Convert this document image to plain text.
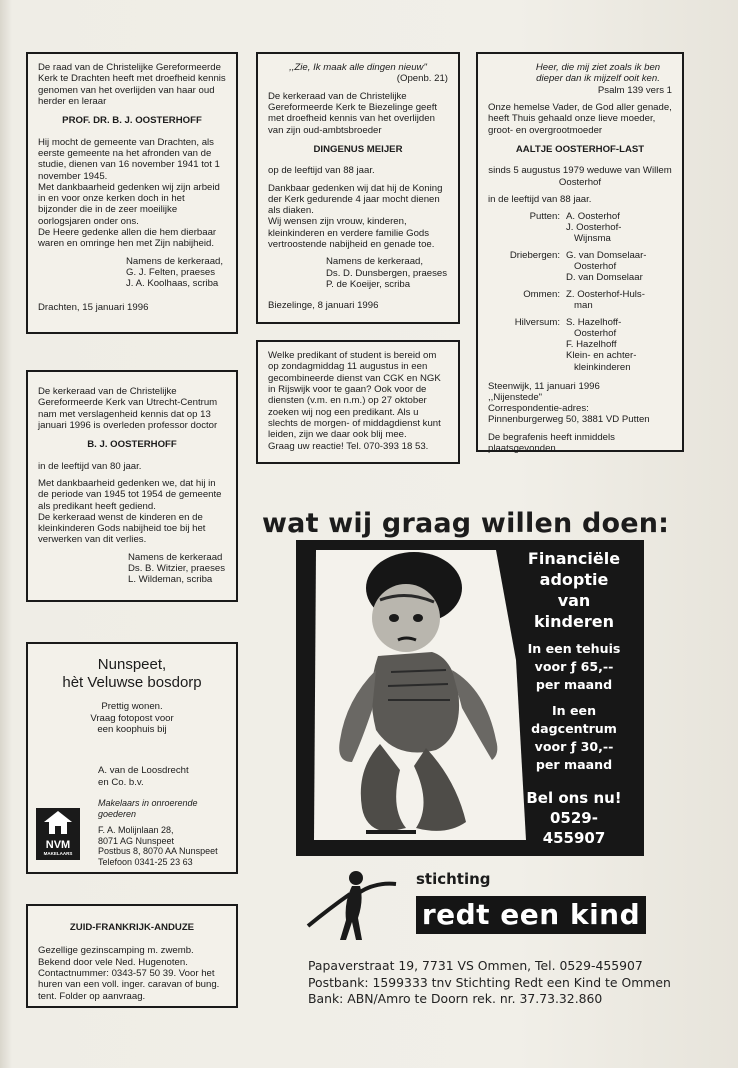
De raad van de Christelijke Gereformeerde Kerk te Drachten heeft met droefheid kennis genomen van het overlijden van haar oud herder en leraar

PROF. DR. B. J. OOSTERHOFF

Hij mocht de gemeente van Drachten, als eerste gemeente na het afronden van de studie, dienen van 16 november 1941 tot 1 november 1945.
Met dankbaarheid gedenken wij zijn arbeid in en voor onze kerken doch in het bijzonder die in de zeer moeilijke oorlogsjaren onder ons.

De Heere gedenke allen die hem dierbaar waren en omringe hen met Zijn nabijheid.

Namens de kerkeraad,
G. J. Felten, praeses
J. A. Koolhaas, scriba

Drachten, 15 januari 1996

,,Zie, Ik maak alle dingen nieuw"

(Openb. 21)

De kerkeraad van de Christelijke Gereformeerde Kerk te Biezelinge geeft met droefheid kennis van het overlijden van zijn oud-ambtsbroeder

DINGENUS MEIJER

op de leeftijd van 88 jaar.

Dankbaar gedenken wij dat hij de Koning der Kerk gedurende 4 jaar mocht dienen als diaken.

Wij wensen zijn vrouw, kinderen, kleinkinderen en verdere familie Gods vertroostende nabijheid en genade toe.

Namens de kerkeraad,
Ds. D. Dunsbergen, praeses
P. de Koeijer, scriba

Biezelinge, 8 januari 1996

Heer, die mij ziet zoals ik ben dieper dan ik mijzelf ooit ken.

Psalm 139 vers 1

Onze hemelse Vader, de God aller genade, heeft Thuis gehaald onze lieve moeder, groot- en overgrootmoeder

AALTJE OOSTERHOF-LAST

sinds 5 augustus 1979 weduwe van Willem Oosterhof

in de leeftijd van 88 jaar.

Putten: A. Oosterhof
J. Oosterhof-
Wijnsma
Driebergen: G. van Domselaar-
Oosterhof
D. van Domselaar
Ommen: Z. Oosterhof-Huls-
man
Hilversum: S. Hazelhoff-
Oosterhof
F. Hazelhoff
Klein- en achter-
kleinkinderen
Steenwijk, 11 januari 1996
,,Nijenstede"
Correspondentie-adres:

Pinnenburgerweg 50, 3881 VD Putten

De begrafenis heeft inmiddels plaatsgevonden.

Welke predikant of student is bereid om op zondagmiddag 11 augustus in een gecombineerde dienst van CGK en NGK in Rijswijk voor te gaan? Ook voor de diensten (v.m. en n.m.) op 27 oktober zoeken wij nog een predikant. Als u slechts de morgen- of middagdienst kunt leiden, zijn we daar ook blij mee.
Graag uw reactie! Tel. 070-393 18 53.

De kerkeraad van de Christelijke Gereformeerde Kerk van Utrecht-Centrum nam met verslagenheid kennis dat op 13 januari 1996 is overleden professor doctor

B. J. OOSTERHOFF

in de leeftijd van 80 jaar.

Met dankbaarheid gedenken we, dat hij in de periode van 1945 tot 1954 de gemeente als predikant heeft gediend.

De kerkeraad wenst de kinderen en de kleinkinderen Gods nabijheid toe bij het verwerken van dit verlies.

Namens de kerkeraad
Ds. B. Witzier, praeses
L. Wildeman, scriba
Nunspeet,
hèt Veluwse bosdorp
Prettig wonen.
Vraag fotopost voor
een koophuis bij
A. van de Loosdrecht
en Co. b.v.
Makelaars in onroerende
goederen
F. A. Molijnlaan 28,
8071 AG Nunspeet
Postbus 8, 8070 AA Nunspeet
Telefoon 0341-25 23 63
NVM
MAKELAARS

ZUID-FRANKRIJK-ANDUZE

Gezellige gezinscamping m. zwemb. Bekend door vele Ned. Hugenoten. Contactnummer: 0343-57 50 39. Voor het huren van een voll. inger. caravan of bung. tent. Folder op aanvraag.
wat wij graag willen doen:
Financiële
adoptie
van
kinderen
In een tehuis
voor ƒ 65,--
per maand
In een
dagcentrum
voor ƒ 30,--
per maand
Bel ons nu!
0529-
455907
stichting
redt een kind
Papaverstraat 19, 7731 VS Ommen, Tel. 0529-455907
Postbank: 1599333 tnv Stichting Redt een Kind te Ommen
Bank: ABN/Amro te Doorn rek. nr. 37.73.32.860
